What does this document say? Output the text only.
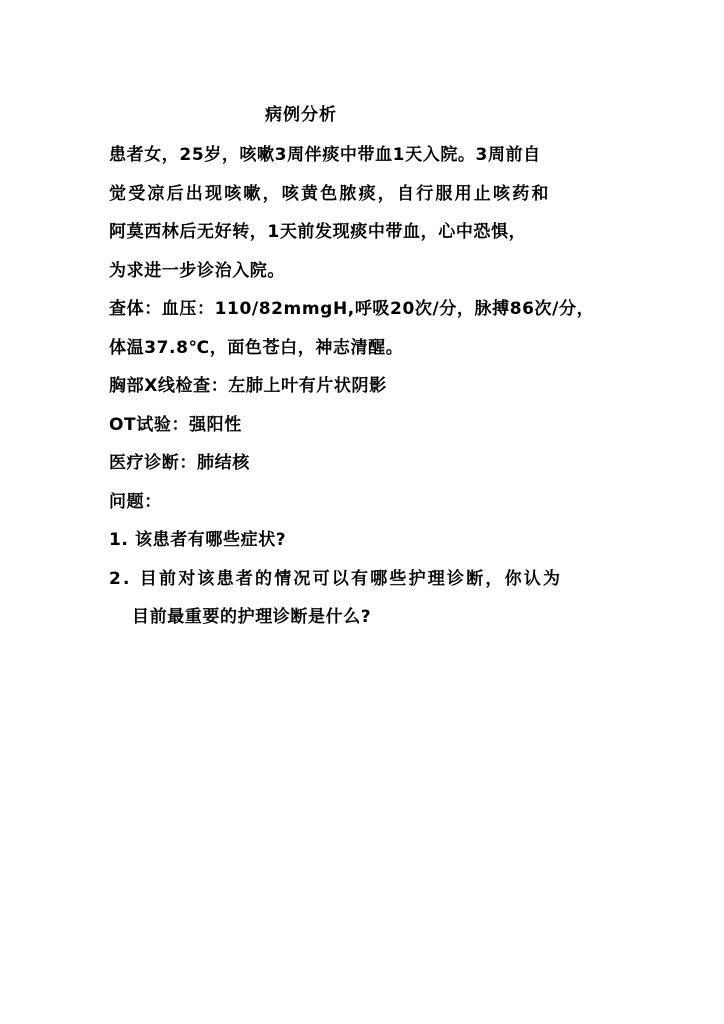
病例分析
患者女，25岁，咳嗽3周伴痰中带血1天入院。3周前自
觉受凉后出现咳嗽，咳黄色脓痰，自行服用止咳药和
阿莫西林后无好转，1天前发现痰中带血，心中恐惧，
为求进一步诊治入院。
查体：血压：110/82mmgH,呼吸20次/分，脉搏86次/分，
体温37.8℃，面色苍白，神志清醒。
胸部X线检查：左肺上叶有片状阴影
OT试验：强阳性
医疗诊断：肺结核
问题：
1. 该患者有哪些症状?
2. 目前对该患者的情况可以有哪些护理诊断，你认为
目前最重要的护理诊断是什么?
